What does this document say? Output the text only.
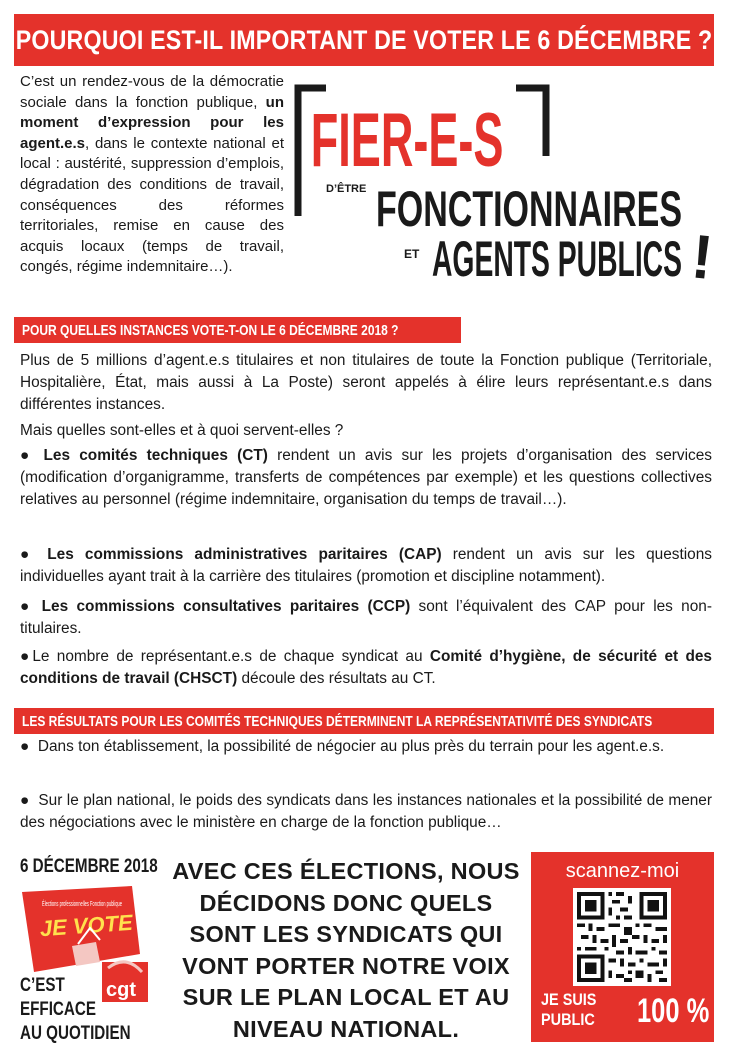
POURQUOI EST-IL IMPORTANT DE VOTER LE 6 DÉCEMBRE ?
C’est un rendez-vous de la démocratie sociale dans la fonction publique, un moment d’expression pour les agent.e.s, dans le contexte national et local : austérité, suppression d’emplois, dégradation des conditions de travail, conséquences des réformes territoriales, remise en cause des acquis locaux (temps de travail, congés, régime indemnitaire…).
FIER-E-S
D’ÊTRE FONCTIONNAIRES
ET AGENTS PUBLICS !
POUR QUELLES INSTANCES VOTE-T-ON LE 6 DÉCEMBRE 2018 ?
Plus de 5 millions d’agent.e.s titulaires et non titulaires de toute la Fonction publique (Territoriale, Hospitalière, État, mais aussi à La Poste) seront appelés à élire leurs représentant.e.s dans différentes instances.
Mais quelles sont-elles et à quoi servent-elles ?
● Les comités techniques (CT) rendent un avis sur les projets d’organisation des services (modification d’organigramme, transferts de compétences par exemple) et les questions collectives relatives au personnel (régime indemnitaire, organisation du temps de travail…).
● Les commissions administratives paritaires (CAP) rendent un avis sur les questions individuelles ayant trait à la carrière des titulaires (promotion et discipline notamment).
● Les commissions consultatives paritaires (CCP) sont l’équivalent des CAP pour les non-titulaires.
●Le nombre de représentant.e.s de chaque syndicat au Comité d’hygiène, de sécurité et des conditions de travail (CHSCT) découle des résultats au CT.
LES RÉSULTATS POUR LES COMITÉS TECHNIQUES DÉTERMINENT LA REPRÉSENTATIVITÉ DES SYNDICATS
●  Dans ton établissement, la possibilité de négocier au plus près du terrain pour les agent.e.s.
●  Sur le plan national, le poids des syndicats dans les instances nationales et la possibilité de mener des négociations avec le ministère en charge de la fonction publique…
6 DÉCEMBRE 2018
Élections professionnelles Fonction publique
JE VOTE
cgt
C’EST
EFFICACE
AU QUOTIDIEN
AVEC CES ÉLECTIONS, NOUS
DÉCIDONS DONC QUELS
SONT LES SYNDICATS QUI
VONT PORTER NOTRE VOIX
SUR LE PLAN LOCAL ET AU
NIVEAU NATIONAL.
scannez-moi
JE SUIS
PUBLIC 100 %
